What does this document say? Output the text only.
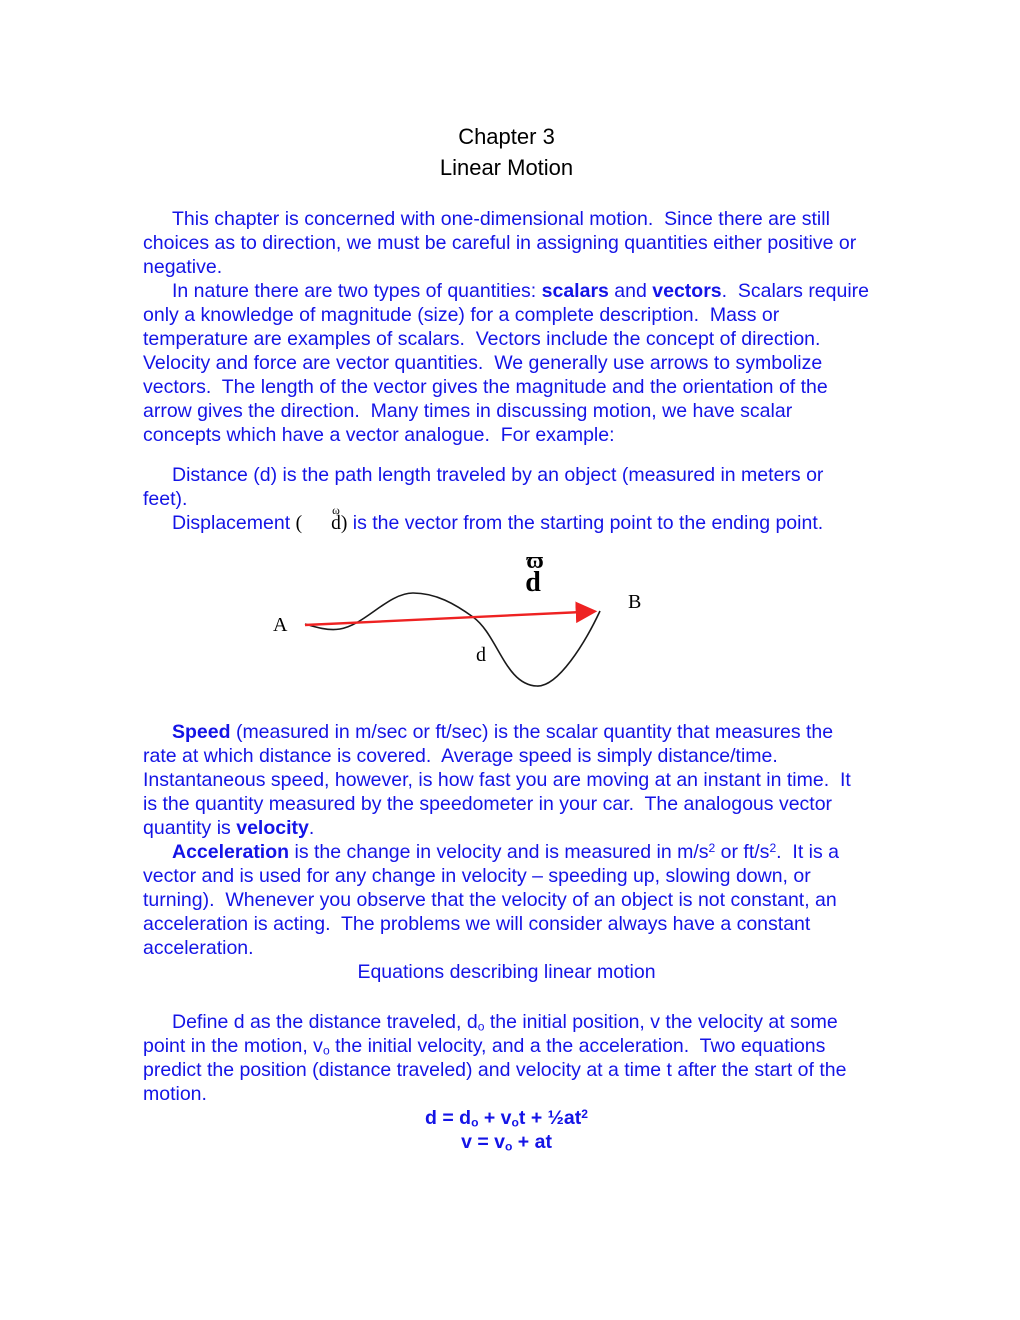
Chapter 3
Linear Motion

This chapter is concerned with one-dimensional motion.  Since there are still choices as to direction, we must be careful in assigning quantities either positive or negative.

In nature there are two types of quantities: scalars and vectors.  Scalars require only a knowledge of magnitude (size) for a complete description.  Mass or temperature are examples of scalars.  Vectors include the concept of direction.  Velocity and force are vector quantities.  We generally use arrows to symbolize vectors.  The length of the vector gives the magnitude and the orientation of the arrow gives the direction.  Many times in discussing motion, we have scalar concepts which have a vector analogue.  For example:

Distance (d) is the path length traveled by an object (measured in meters or feet).

Displacement (
ω
d) is the vector from the starting point to the ending point.

ϖ
d
A
B
d

Speed (measured in m/sec or ft/sec) is the scalar quantity that measures the rate at which distance is covered.  Average speed is simply distance/time.  Instantaneous speed, however, is how fast you are moving at an instant in time.  It is the quantity measured by the speedometer in your car.  The analogous vector quantity is velocity.

Acceleration is the change in velocity and is measured in $m/s^2$ or $ft/s^2$.  It is a vector and is used for any change in velocity – speeding up, slowing down, or turning).  Whenever you observe that the velocity of an object is not constant, an acceleration is acting.  The problems we will consider always have a constant acceleration.

Equations describing linear motion

Define d as the distance traveled, $d_o$ the initial position, v the velocity at some point in the motion, $v_o$ the initial velocity, and a the acceleration.  Two equations predict the position (distance traveled) and velocity at a time t after the start of the motion.

$d = d_o + v_ot$ + $\frac{1}{2}at^2$
$v = v_o$ + at
